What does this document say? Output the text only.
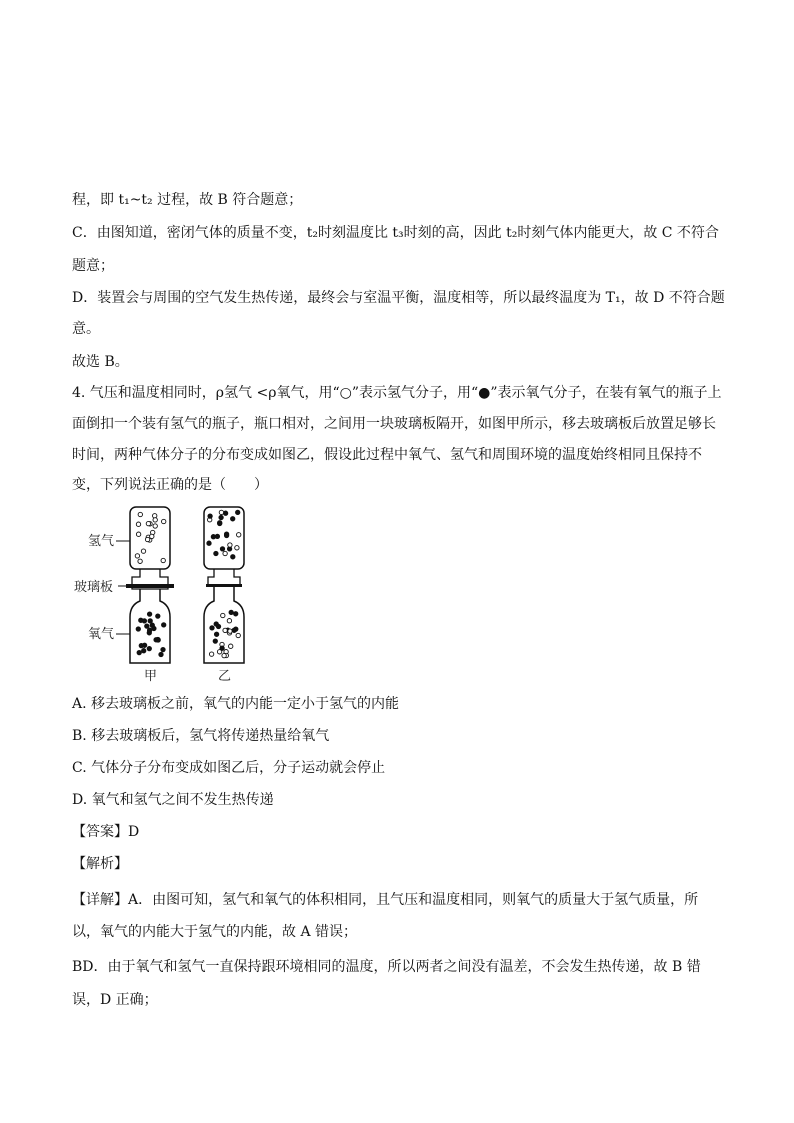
程，即 t₁~t₂ 过程，故 B 符合题意；
C．由图知道，密闭气体的质量不变，t₂时刻温度比 t₃时刻的高，因此 t₂时刻气体内能更大，故 C 不符合
题意；
D．装置会与周围的空气发生热传递，最终会与室温平衡，温度相等，所以最终温度为 T₁，故 D 不符合题
意。
故选 B。
4. 气压和温度相同时，ρ氢气 <ρ氧气，用“○”表示氢气分子，用“●”表示氧气分子，在装有氧气的瓶子上
面倒扣一个装有氢气的瓶子，瓶口相对，之间用一块玻璃板隔开，如图甲所示，移去玻璃板后放置足够长
时间，两种气体分子的分布变成如图乙，假设此过程中氧气、氢气和周围环境的温度始终相同且保持不
变，下列说法正确的是（　　）
氢气
玻璃板
氧气
甲	乙
A. 移去玻璃板之前，氧气的内能一定小于氢气的内能
B. 移去玻璃板后，氢气将传递热量给氧气
C. 气体分子分布变成如图乙后，分子运动就会停止
D. 氧气和氢气之间不发生热传递
【答案】D
【解析】
【详解】A．由图可知，氢气和氧气的体积相同，且气压和温度相同，则氧气的质量大于氢气质量，所
以，氧气的内能大于氢气的内能，故 A 错误；
BD．由于氧气和氢气一直保持跟环境相同的温度，所以两者之间没有温差，不会发生热传递，故 B 错
误，D 正确；
